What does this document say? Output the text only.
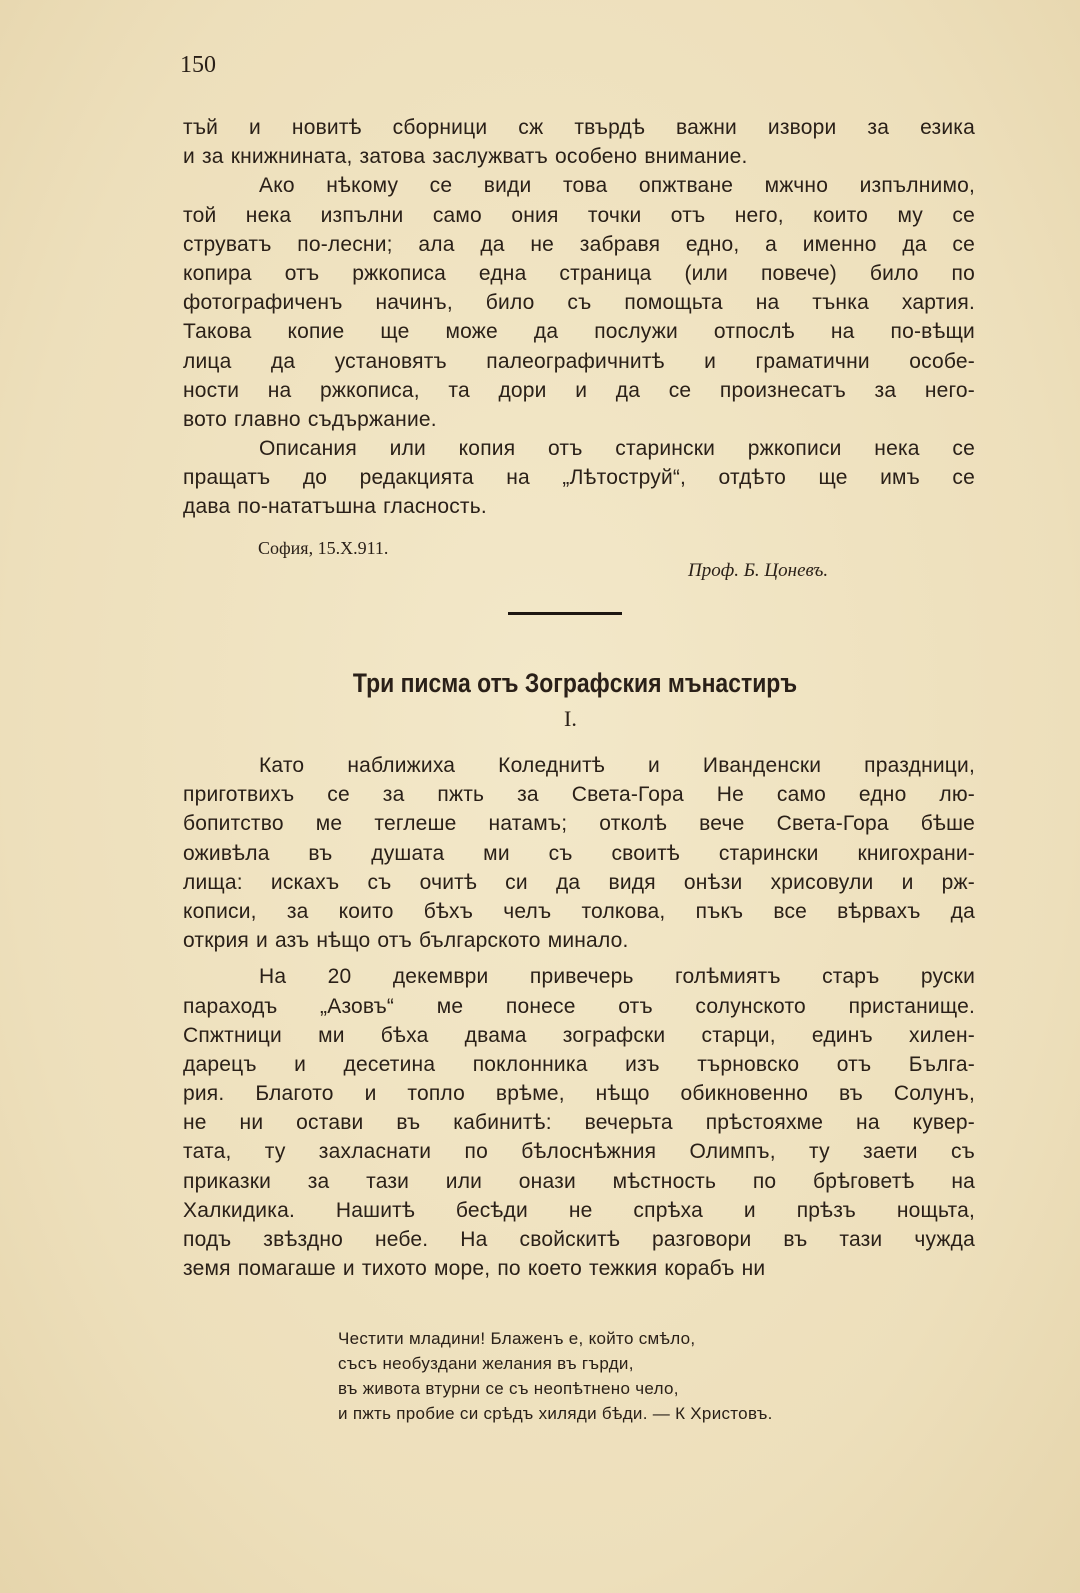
150
тъй и новитѣ сборници сж твърдѣ важни извори за езика
и за книжнината, затова заслужватъ особено внимание.
Ако нѣкому се види това опжтване мжчно изпълнимо,
той нека изпълни само ония точки отъ него, които му се
струватъ по-лесни; ала да не забравя едно, а именно да се
копира отъ ржкописа една страница (или повече) било по
фотографиченъ начинъ, било съ помощьта на тънка хартия.
Такова копие ще може да послужи отпослѣ на по-вѣщи
лица да установятъ палеографичнитѣ и граматични особе-
ности на ржкописа, та дори и да се произнесатъ за него-
вото главно съдържание.
Описания или копия отъ старински ржкописи нека се
пращатъ до редакцията на „Лѣтоструй“, отдѣто ще имъ се
дава по-нататъшна гласность.
София, 15.X.911.
Проф. Б. Цоневъ.
Три писма отъ Зографския мънастиръ
I.
Като наближиха Коледнитѣ и Иванденски праздници,
приготвихъ се за пжть за Света-Гора Не само едно лю-
бопитство ме теглеше натамъ; отколѣ вече Света-Гора бѣше
оживѣла въ душата ми съ своитѣ старински книгохрани-
лища: искахъ съ очитѣ си да видя онѣзи хрисовули и рж-
кописи, за които бѣхъ челъ толкова, пъкъ все вѣрвахъ да
открия и азъ нѣщо отъ българското минало.
На 20 декември привечерь голѣмиятъ старъ руски
параходъ „Азовъ“ ме понесе отъ солунското пристанище.
Спжтници ми бѣха двама зографски старци, единъ хилен-
дарецъ и десетина поклонника изъ търновско отъ Бълга-
рия. Благото и топло врѣме, нѣщо обикновенно въ Солунъ,
не ни остави въ кабинитѣ: вечерьта прѣстояхме на кувер-
тата, ту захласнати по бѣлоснѣжния Олимпъ, ту заети съ
приказки за тази или онази мѣстность по брѣговетѣ на
Халкидика. Нашитѣ бесѣди не спрѣха и прѣзъ нощьта,
подъ звѣздно небе. На свойскитѣ разговори въ тази чужда
земя помагаше и тихото море, по което тежкия корабъ ни
Честити младини! Блаженъ е, който смѣло,
съсъ необуздани желания въ гърди,
въ живота втурни се съ неопѣтнено чело,
и пжть пробие си срѣдъ хиляди бѣди. — К Христовъ.
